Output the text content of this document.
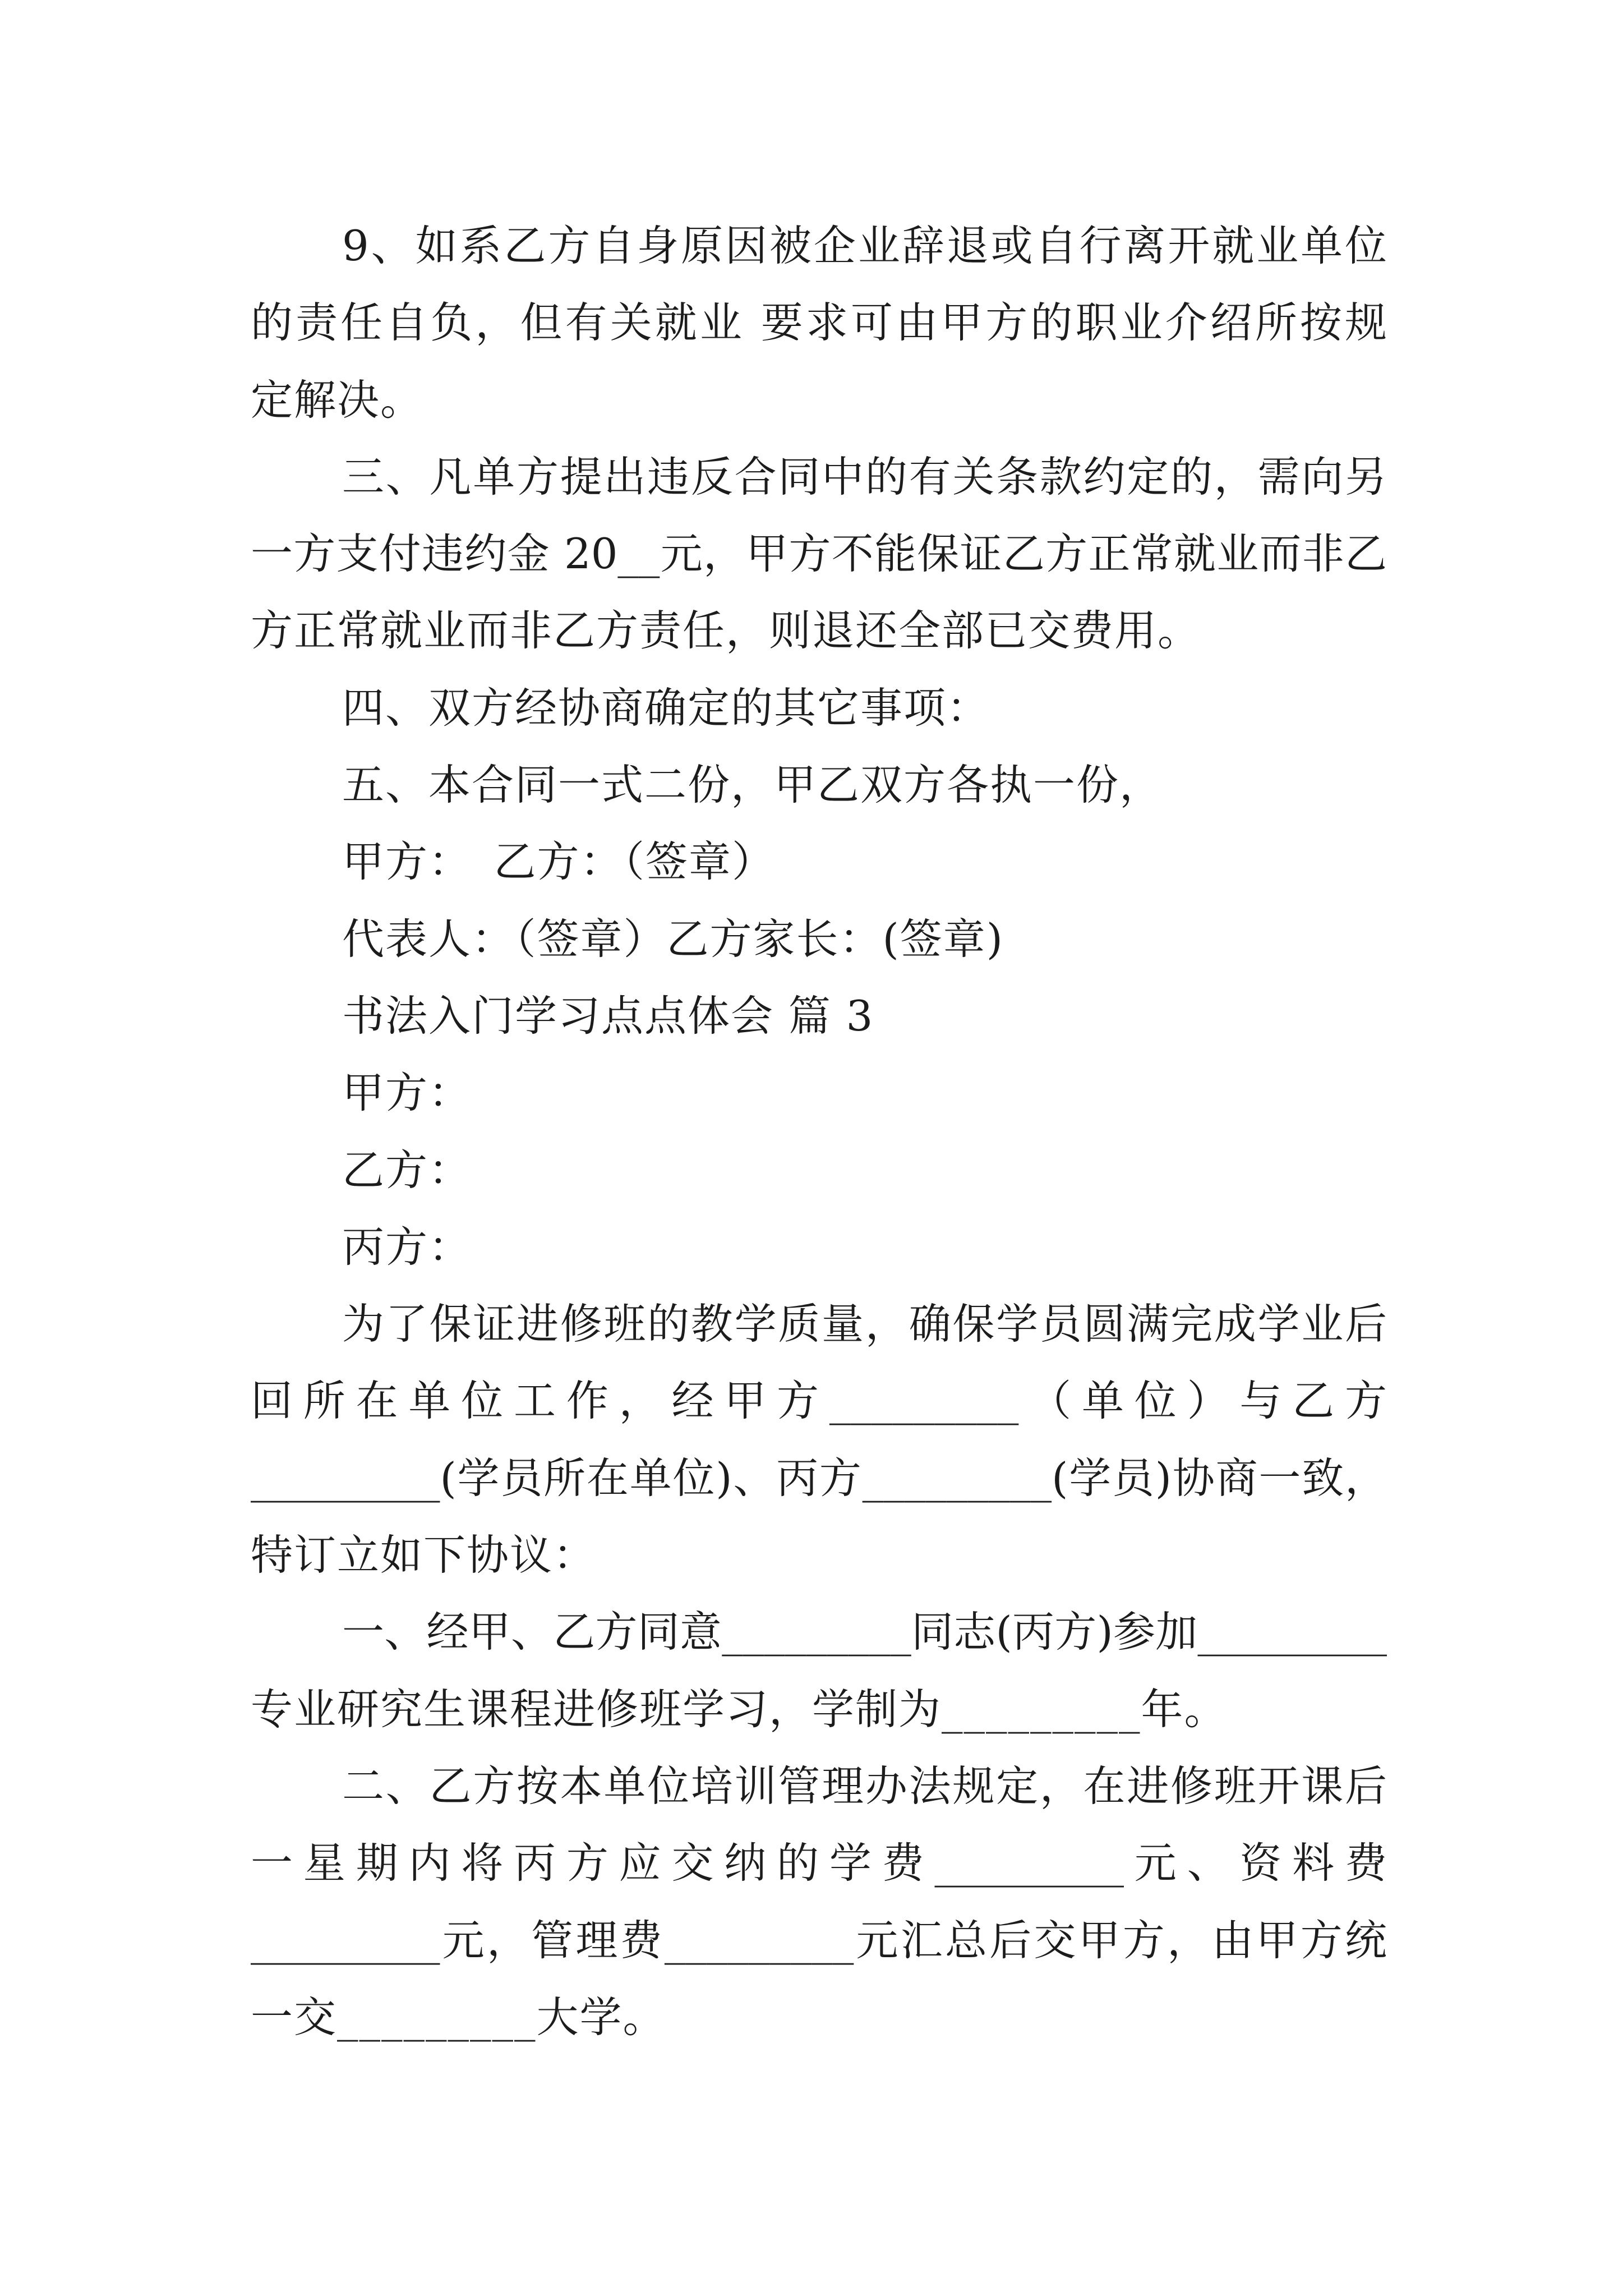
9、如系乙方自身原因被企业辞退或自行离开就业单位
的责任自负，但有关就业 要求可由甲方的职业介绍所按规
定解决。
三、凡单方提出违反合同中的有关条款约定的，需向另
一方支付违约金 20__元，甲方不能保证乙方正常就业而非乙
方正常就业而非乙方责任，则退还全部已交费用。
四、双方经协商确定的其它事项：
五、本合同一式二份，甲乙双方各执一份，
甲方：　乙方：（签章）
代表人：（签章）乙方家长：(签章)
书法入门学习点点体会 篇 3
甲方：
乙方：
丙方：
为了保证进修班的教学质量，确保学员圆满完成学业后
回所在单位工作，经甲方_________（单位）与乙方
_________(学员所在单位)、丙方_________(学员)协商一致，
特订立如下协议：
一、经甲、乙方同意_________同志(丙方)参加_________
专业研究生课程进修班学习，学制为_________年。
二、乙方按本单位培训管理办法规定，在进修班开课后
一星期内将丙方应交纳的学费_________元、资料费
_________元，管理费_________元汇总后交甲方，由甲方统
一交_________大学。
